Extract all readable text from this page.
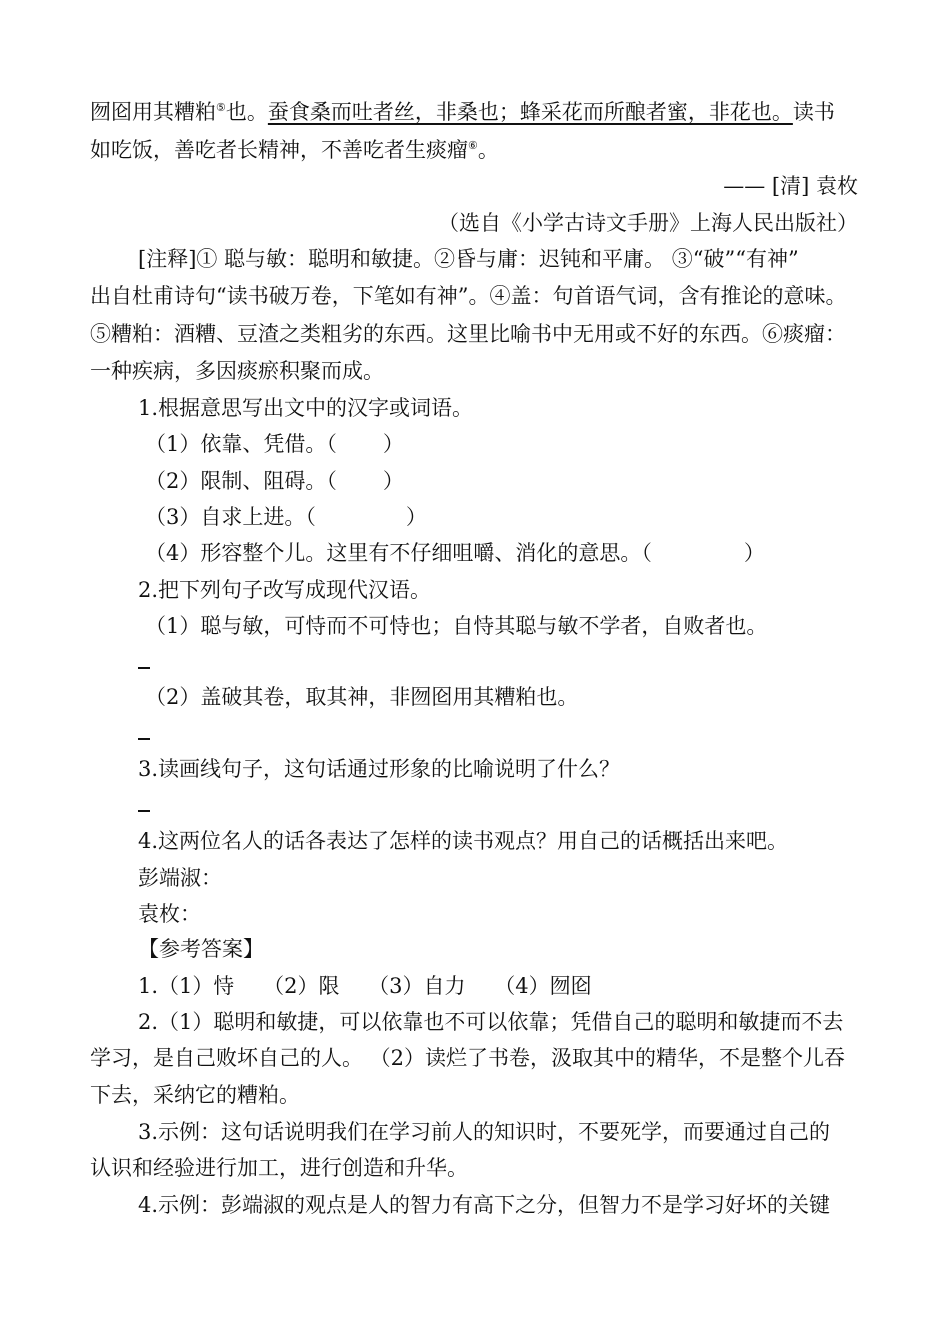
囫囵用其糟粕⑤也。蚕食桑而吐者丝，非桑也；蜂采花而所酿者蜜，非花也。读书
如吃饭，善吃者长精神，不善吃者生痰瘤⑥。
—— [清] 袁枚
（选自《小学古诗文手册》上海人民出版社）
[注释]① 聪与敏：聪明和敏捷。②昏与庸：迟钝和平庸。 ③“破”“有神”
出自杜甫诗句“读书破万卷，下笔如有神”。④盖：句首语气词，含有推论的意味。
⑤糟粕：酒糟、豆渣之类粗劣的东西。这里比喻书中无用或不好的东西。⑥痰瘤：
一种疾病，多因痰瘀积聚而成。
1.根据意思写出文中的汉字或词语。
（1）依靠、凭借。（ ）
（2）限制、阻碍。（ ）
（3）自求上进。（	）
（4）形容整个儿。这里有不仔细咀嚼、消化的意思。（	）
2.把下列句子改写成现代汉语。
（1）聪与敏，可恃而不可恃也；自恃其聪与敏不学者，自败者也。
（2）盖破其卷，取其神，非囫囵用其糟粕也。
3.读画线句子，这句话通过形象的比喻说明了什么？
4.这两位名人的话各表达了怎样的读书观点？用自己的话概括出来吧。
彭端淑：
袁枚：
【参考答案】
1.（1）恃 （2）限 （3）自力 （4）囫囵
2.（1）聪明和敏捷，可以依靠也不可以依靠；凭借自己的聪明和敏捷而不去
学习，是自己败坏自己的人。 （2）读烂了书卷，汲取其中的精华，不是整个儿吞
下去，采纳它的糟粕。
3.示例：这句话说明我们在学习前人的知识时，不要死学，而要通过自己的
认识和经验进行加工，进行创造和升华。
4.示例：彭端淑的观点是人的智力有高下之分，但智力不是学习好坏的关键
